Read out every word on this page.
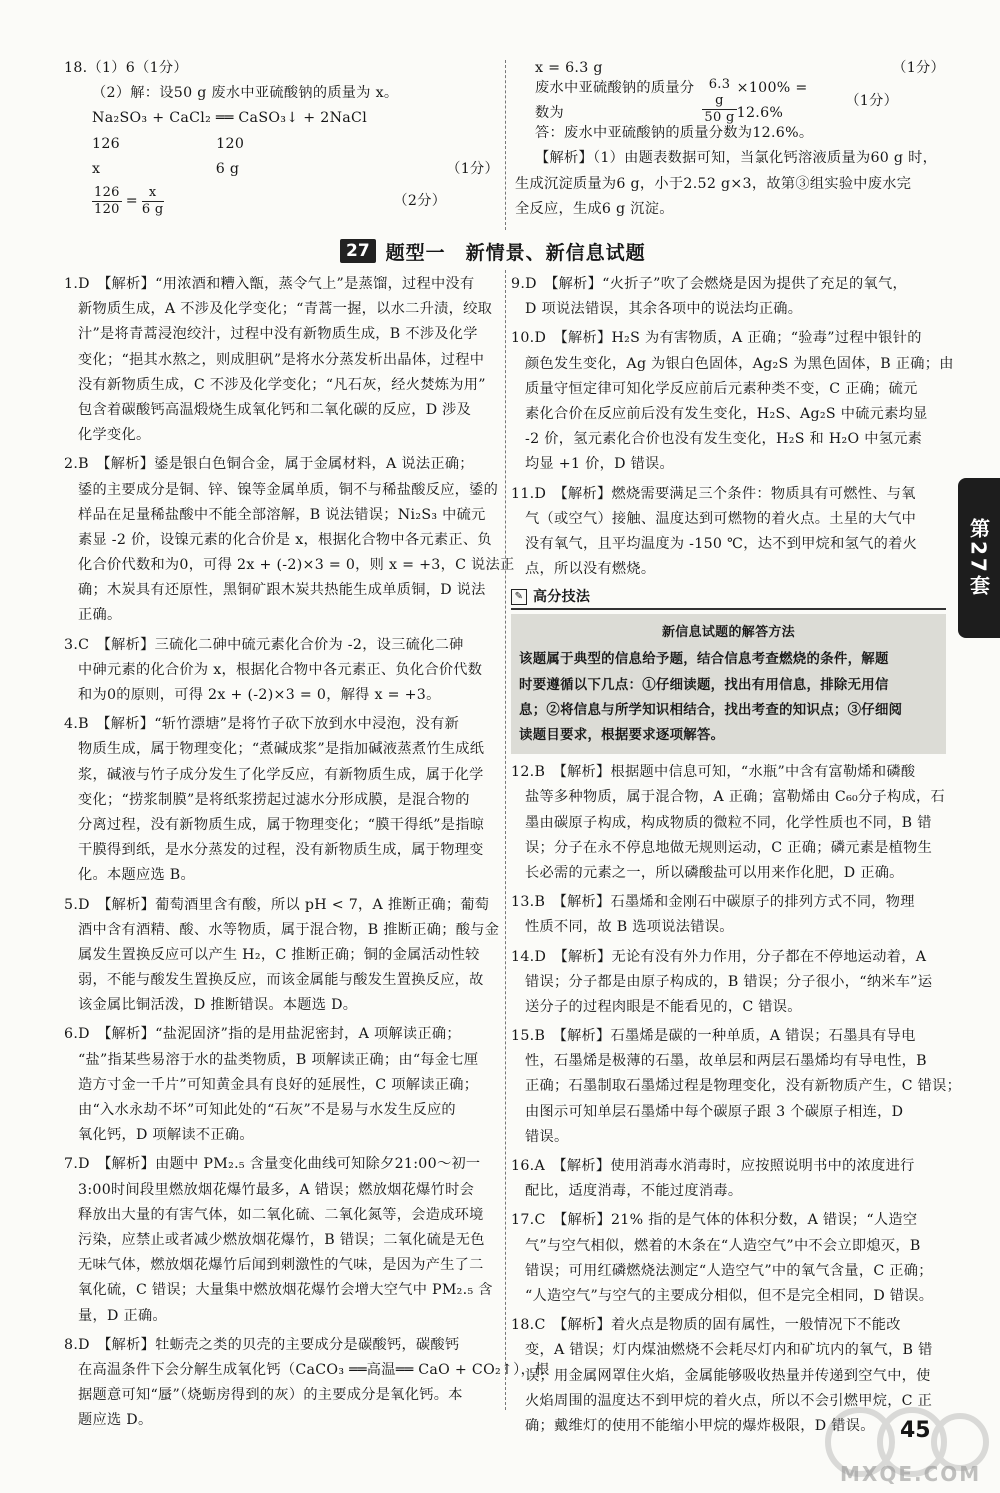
18.（1）6（1分）
（2）解：设50 g 废水中亚硫酸钠的质量为 x。
Na₂SO₃ + CaCl₂ ══ CaSO₃↓ + 2NaCl
126                    120
x                        6 g	（1分）
$\frac{126}{120} = \frac{x}{6 g}$	（2分）
x = 6.3 g	（1分）
废水中亚硫酸钠的质量分数为	$\frac{6.3 g}{50 g} \times 100\% = 12.6\%$
（1分）
答：废水中亚硫酸钠的质量分数为12.6%。
【解析】（1）由题表数据可知，当氯化钙溶液质量为60 g 时，
生成沉淀质量为6 g，小于2.52 g×3，故第③组实验中废水完
全反应，生成6 g 沉淀。
27 题型一　新情景、新信息试题
1.D　【解析】“用浓酒和糟入甑，蒸令气上”是蒸馏，过程中没有
新物质生成，A 不涉及化学变化；“青蒿一握，以水二升渍，绞取
汁”是将青蒿浸泡绞汁，过程中没有新物质生成，B 不涉及化学
变化；“挹其水熬之，则成胆矾”是将水分蒸发析出晶体，过程中
没有新物质生成，C 不涉及化学变化；“凡石灰，经火焚炼为用”
包含着碳酸钙高温煅烧生成氧化钙和二氧化碳的反应，D 涉及
化学变化。
2.B　【解析】鋈是银白色铜合金，属于金属材料，A 说法正确；
鋈的主要成分是铜、锌、镍等金属单质，铜不与稀盐酸反应，鋈的
样品在足量稀盐酸中不能全部溶解，B 说法错误；Ni₂S₃ 中硫元
素显 -2 价，设镍元素的化合价是 x，根据化合物中各元素正、负
化合价代数和为0，可得 2x + (-2)×3 = 0，则 x = +3，C 说法正
确；木炭具有还原性，黑铜矿跟木炭共热能生成单质铜，D 说法
正确。
3.C　【解析】三硫化二砷中硫元素化合价为 -2，设三硫化二砷
中砷元素的化合价为 x，根据化合物中各元素正、负化合价代数
和为0的原则，可得 2x + (-2)×3 = 0，解得 x = +3。
4.B　【解析】“斩竹漂塘”是将竹子砍下放到水中浸泡，没有新
物质生成，属于物理变化；“煮碱成浆”是指加碱液蒸煮竹生成纸
浆，碱液与竹子成分发生了化学反应，有新物质生成，属于化学
变化；“捞浆制膜”是将纸浆捞起过滤水分形成膜，是混合物的
分离过程，没有新物质生成，属于物理变化；“膜干得纸”是指晾
干膜得到纸，是水分蒸发的过程，没有新物质生成，属于物理变
化。本题应选 B。
5.D　【解析】葡萄酒里含有酸，所以 pH < 7，A 推断正确；葡萄
酒中含有酒精、酸、水等物质，属于混合物，B 推断正确；酸与金
属发生置换反应可以产生 H₂，C 推断正确；铜的金属活动性较
弱，不能与酸发生置换反应，而该金属能与酸发生置换反应，故
该金属比铜活泼，D 推断错误。本题选 D。
6.D　【解析】“盐泥固济”指的是用盐泥密封，A 项解读正确；
“盐”指某些易溶于水的盐类物质，B 项解读正确；由“每金七厘
造方寸金一千片”可知黄金具有良好的延展性，C 项解读正确；
由“入水永劫不坏”可知此处的“石灰”不是易与水发生反应的
氧化钙，D 项解读不正确。
7.D　【解析】由题中 PM₂.₅ 含量变化曲线可知除夕21:00～初一
3:00时间段里燃放烟花爆竹最多，A 错误；燃放烟花爆竹时会
释放出大量的有害气体，如二氧化硫、二氧化氮等，会造成环境
污染，应禁止或者减少燃放烟花爆竹，B 错误；二氧化硫是无色
无味气体，燃放烟花爆竹后闻到刺激性的气味，是因为产生了二
氧化硫，C 错误；大量集中燃放烟花爆竹会增大空气中 PM₂.₅ 含
量，D 正确。
8.D　【解析】牡蛎壳之类的贝壳的主要成分是碳酸钙，碳酸钙
在高温条件下会分解生成氧化钙（CaCO₃ ══高温══ CaO + CO₂↑），根
据题意可知“蜃”（烧蛎房得到的灰）的主要成分是氧化钙。本
题应选 D。
9.D　【解析】“火折子”吹了会燃烧是因为提供了充足的氧气，
D 项说法错误，其余各项中的说法均正确。
10.D　【解析】H₂S 为有害物质，A 正确；“验毒”过程中银针的
颜色发生变化，Ag 为银白色固体，Ag₂S 为黑色固体，B 正确；由
质量守恒定律可知化学反应前后元素种类不变，C 正确；硫元
素化合价在反应前后没有发生变化，H₂S、Ag₂S 中硫元素均显
-2 价，氢元素化合价也没有发生变化，H₂S 和 H₂O 中氢元素
均显 +1 价，D 错误。
11.D　【解析】燃烧需要满足三个条件：物质具有可燃性、与氧
气（或空气）接触、温度达到可燃物的着火点。土星的大气中
没有氧气，且平均温度为 -150 ℃，达不到甲烷和氢气的着火
点，所以没有燃烧。
✎ 高分技法
新信息试题的解答方法
该题属于典型的信息给予题，结合信息考查燃烧的条件，解题
时要遵循以下几点：①仔细读题，找出有用信息，排除无用信
息；②将信息与所学知识相结合，找出考查的知识点；③仔细阅
读题目要求，根据要求逐项解答。
12.B　【解析】根据题中信息可知，“水瓶”中含有富勒烯和磷酸
盐等多种物质，属于混合物，A 正确；富勒烯由 C₆₀分子构成，石
墨由碳原子构成，构成物质的微粒不同，化学性质也不同，B 错
误；分子在永不停息地做无规则运动，C 正确；磷元素是植物生
长必需的元素之一，所以磷酸盐可以用来作化肥，D 正确。
13.B　【解析】石墨烯和金刚石中碳原子的排列方式不同，物理
性质不同，故 B 选项说法错误。
14.D　【解析】无论有没有外力作用，分子都在不停地运动着，A
错误；分子都是由原子构成的，B 错误；分子很小，“纳米车”运
送分子的过程肉眼是不能看见的，C 错误。
15.B　【解析】石墨烯是碳的一种单质，A 错误；石墨具有导电
性，石墨烯是极薄的石墨，故单层和两层石墨烯均有导电性，B
正确；石墨制取石墨烯过程是物理变化，没有新物质产生，C 错误；
由图示可知单层石墨烯中每个碳原子跟 3 个碳原子相连，D
错误。
16.A　【解析】使用消毒水消毒时，应按照说明书中的浓度进行
配比，适度消毒，不能过度消毒。
17.C　【解析】21% 指的是气体的体积分数，A 错误；“人造空
气”与空气相似，燃着的木条在“人造空气”中不会立即熄灭，B
错误；可用红磷燃烧法测定“人造空气”中的氧气含量，C 正确；
“人造空气”与空气的主要成分相似，但不是完全相同，D 错误。
18.C　【解析】着火点是物质的固有属性，一般情况下不能改
变，A 错误；灯内煤油燃烧不会耗尽灯内和矿坑内的氧气，B 错
误；用金属网罩住火焰，金属能够吸收热量并传递到空气中，使
火焰周围的温度达不到甲烷的着火点，所以不会引燃甲烷，C 正
确；戴维灯的使用不能缩小甲烷的爆炸极限，D 错误。
第27套
45
MXQE.COM
